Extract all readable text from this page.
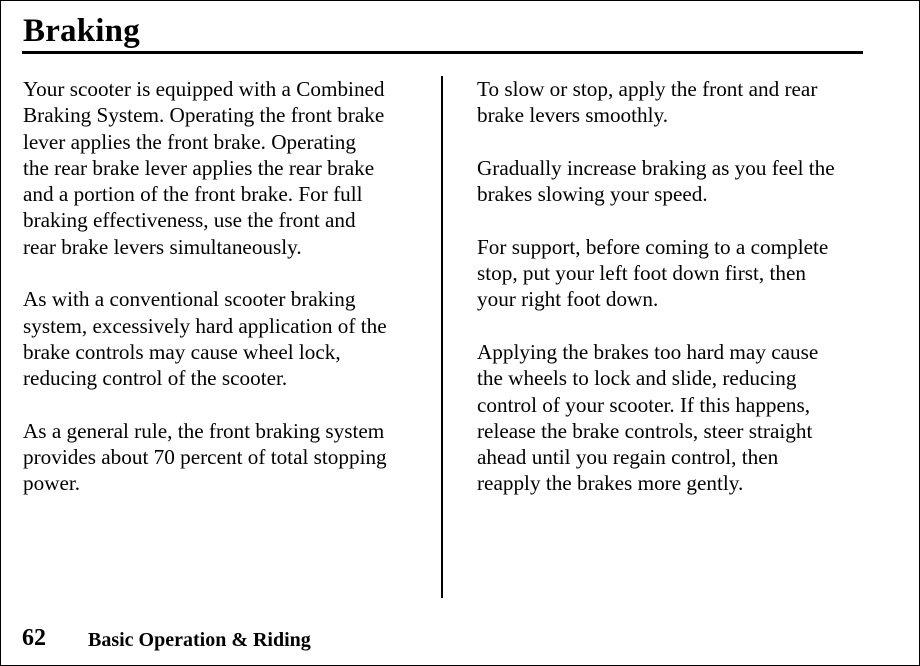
Braking

Your scooter is equipped with a Combined
Braking System. Operating the front brake
lever applies the front brake. Operating
the rear brake lever applies the rear brake
and a portion of the front brake. For full
braking effectiveness, use the front and
rear brake levers simultaneously.

As with a conventional scooter braking
system, excessively hard application of the
brake controls may cause wheel lock,
reducing control of the scooter.

As a general rule, the front braking system
provides about 70 percent of total stopping
power.

To slow or stop, apply the front and rear
brake levers smoothly.

Gradually increase braking as you feel the
brakes slowing your speed.

For support, before coming to a complete
stop, put your left foot down first, then
your right foot down.

Applying the brakes too hard may cause
the wheels to lock and slide, reducing
control of your scooter. If this happens,
release the brake controls, steer straight
ahead until you regain control, then
reapply the brakes more gently.

62 Basic Operation & Riding
